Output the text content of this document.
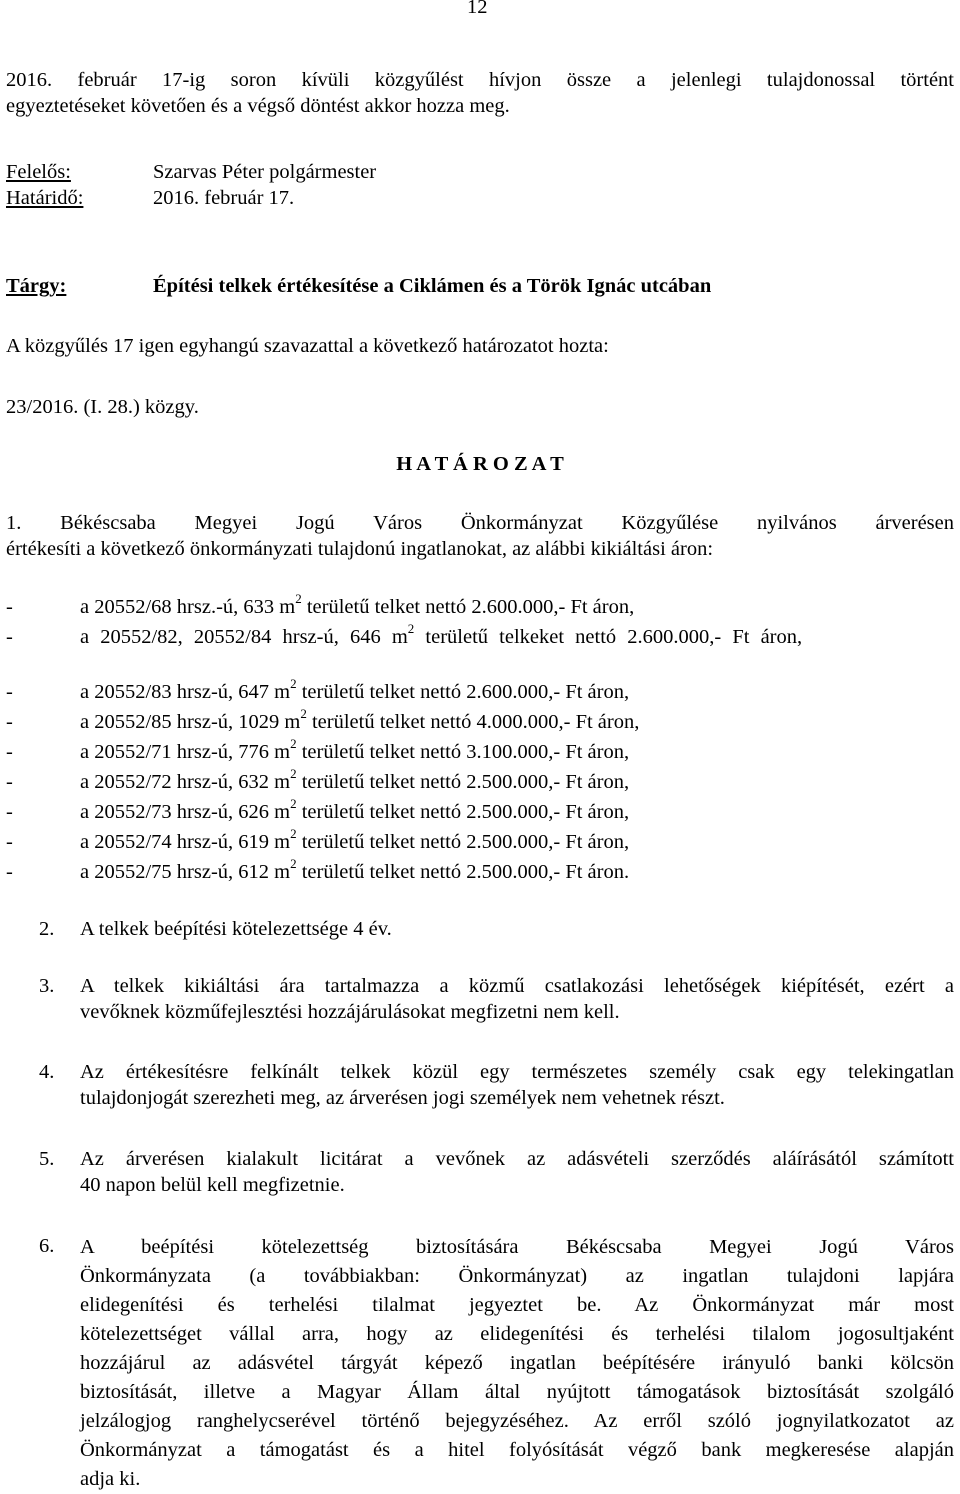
12
2016. február 17-ig soron kívüli közgyűlést hívjon össze a jelenlegi tulajdonossal történt
egyeztetéseket követően és a végső döntést akkor hozza meg.
Felelős:	Szarvas Péter polgármester
Határidő:	2016. február 17.
Tárgy:	Építési telkek értékesítése a Ciklámen és a Török Ignác utcában
A közgyűlés 17 igen egyhangú szavazattal a következő határozatot hozta:
23/2016. (I. 28.) közgy.
H A T Á R O Z A T
1. Békéscsaba Megyei Jogú Város Önkormányzat Közgyűlése nyilvános árverésen
értékesíti a következő önkormányzati tulajdonú ingatlanokat, az alábbi kikiáltási áron:
-	a 20552/68 hrsz.-ú, 633 $m^2$ területű telket nettó 2.600.000,- Ft áron,
-	a 20552/82, 20552/84 hrsz-ú, 646 $m^2$ területű telkeket nettó 2.600.000,- Ft áron,
-	a 20552/83 hrsz-ú, 647 $m^2$ területű telket nettó 2.600.000,- Ft áron,
-	a 20552/85 hrsz-ú, 1029 $m^2$ területű telket nettó 4.000.000,- Ft áron,
-	a 20552/71 hrsz-ú, 776 $m^2$ területű telket nettó 3.100.000,- Ft áron,
-	a 20552/72 hrsz-ú, 632 $m^2$ területű telket nettó 2.500.000,- Ft áron,
-	a 20552/73 hrsz-ú, 626 $m^2$ területű telket nettó 2.500.000,- Ft áron,
-	a 20552/74 hrsz-ú, 619 $m^2$ területű telket nettó 2.500.000,- Ft áron,
-	a 20552/75 hrsz-ú, 612 $m^2$ területű telket nettó 2.500.000,- Ft áron.
2. A telkek beépítési kötelezettsége 4 év.
3. A telkek kikiáltási ára tartalmazza a közmű csatlakozási lehetőségek kiépítését, ezért a
vevőknek közműfejlesztési hozzájárulásokat megfizetni nem kell.
4. Az értékesítésre felkínált telkek közül egy természetes személy csak egy telekingatlan
tulajdonjogát szerezheti meg, az árverésen jogi személyek nem vehetnek részt.
5. Az árverésen kialakult licitárat a vevőnek az adásvételi szerződés aláírásától számított
40 napon belül kell megfizetnie.
6. A beépítési kötelezettség biztosítására Békéscsaba Megyei Jogú Város
Önkormányzata (a továbbiakban: Önkormányzat) az ingatlan tulajdoni lapjára
elidegenítési és terhelési tilalmat jegyeztet be. Az Önkormányzat már most
kötelezettséget vállal arra, hogy az elidegenítési és terhelési tilalom jogosultjaként
hozzájárul az adásvétel tárgyát képező ingatlan beépítésére irányuló banki kölcsön
biztosítását, illetve a Magyar Állam által nyújtott támogatások biztosítását szolgáló
jelzálogjog ranghelycserével történő bejegyzéséhez. Az erről szóló jognyilatkozatot az
Önkormányzat a támogatást és a hitel folyósítását végző bank megkeresése alapján
adja ki.
